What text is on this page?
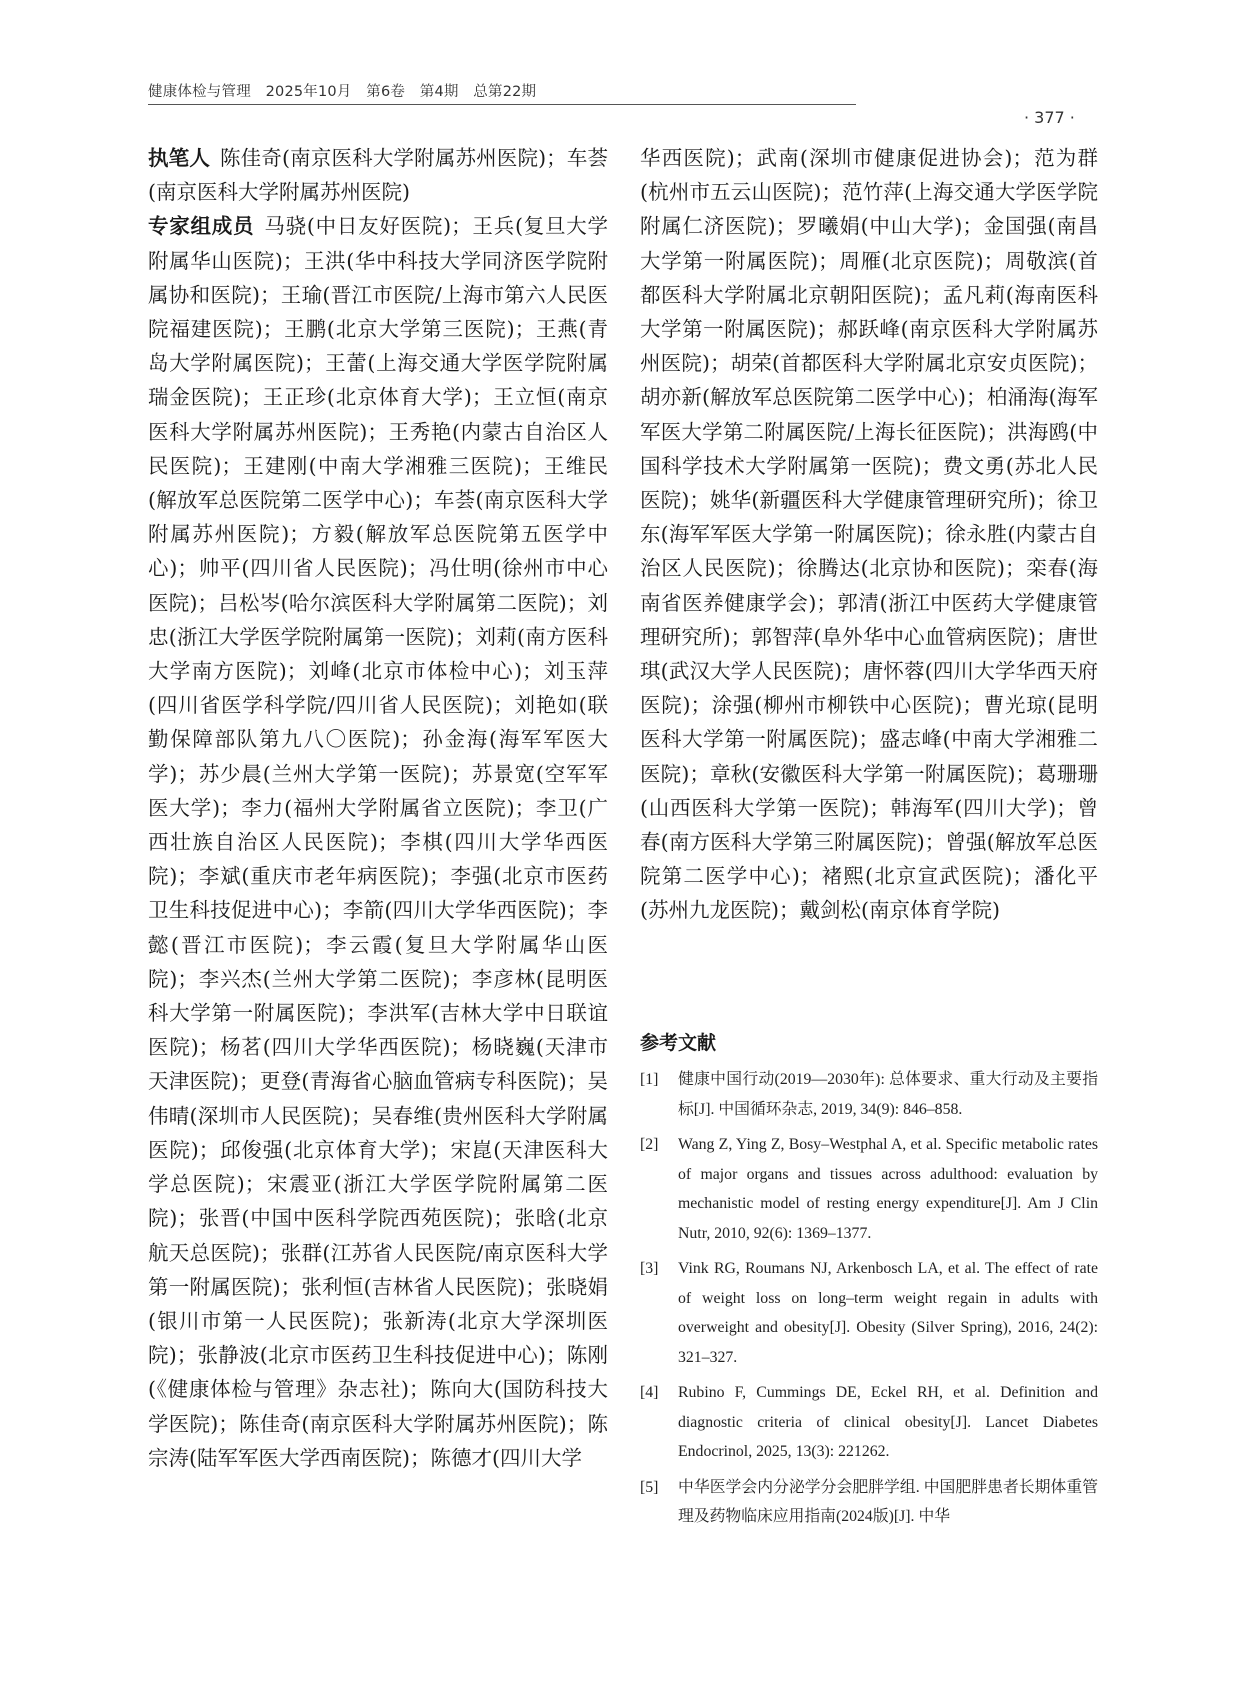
健康体检与管理　2025年10月　第6卷　第4期　总第22期
· 377 ·

执笔人 陈佳奇(南京医科大学附属苏州医院)；车荟(南京医科大学附属苏州医院)

专家组成员 马骁(中日友好医院)；王兵(复旦大学附属华山医院)；王洪(华中科技大学同济医学院附属协和医院)；王瑜(晋江市医院/上海市第六人民医院福建医院)；王鹏(北京大学第三医院)；王燕(青岛大学附属医院)；王蕾(上海交通大学医学院附属瑞金医院)；王正珍(北京体育大学)；王立恒(南京医科大学附属苏州医院)；王秀艳(内蒙古自治区人民医院)；王建刚(中南大学湘雅三医院)；王维民(解放军总医院第二医学中心)；车荟(南京医科大学附属苏州医院)；方毅(解放军总医院第五医学中心)；帅平(四川省人民医院)；冯仕明(徐州市中心医院)；吕松岑(哈尔滨医科大学附属第二医院)；刘忠(浙江大学医学院附属第一医院)；刘莉(南方医科大学南方医院)；刘峰(北京市体检中心)；刘玉萍(四川省医学科学院/四川省人民医院)；刘艳如(联勤保障部队第九八〇医院)；孙金海(海军军医大学)；苏少晨(兰州大学第一医院)；苏景宽(空军军医大学)；李力(福州大学附属省立医院)；李卫(广西壮族自治区人民医院)；李棋(四川大学华西医院)；李斌(重庆市老年病医院)；李强(北京市医药卫生科技促进中心)；李箭(四川大学华西医院)；李懿(晋江市医院)；李云霞(复旦大学附属华山医院)；李兴杰(兰州大学第二医院)；李彦林(昆明医科大学第一附属医院)；李洪军(吉林大学中日联谊医院)；杨茗(四川大学华西医院)；杨晓巍(天津市天津医院)；更登(青海省心脑血管病专科医院)；吴伟晴(深圳市人民医院)；吴春维(贵州医科大学附属医院)；邱俊强(北京体育大学)；宋崑(天津医科大学总医院)；宋震亚(浙江大学医学院附属第二医院)；张晋(中国中医科学院西苑医院)；张晗(北京航天总医院)；张群(江苏省人民医院/南京医科大学第一附属医院)；张利恒(吉林省人民医院)；张晓娟(银川市第一人民医院)；张新涛(北京大学深圳医院)；张静波(北京市医药卫生科技促进中心)；陈刚(《健康体检与管理》杂志社)；陈向大(国防科技大学医院)；陈佳奇(南京医科大学附属苏州医院)；陈宗涛(陆军军医大学西南医院)；陈德才(四川大学

华西医院)；武南(深圳市健康促进协会)；范为群(杭州市五云山医院)；范竹萍(上海交通大学医学院附属仁济医院)；罗曦娟(中山大学)；金国强(南昌大学第一附属医院)；周雁(北京医院)；周敬滨(首都医科大学附属北京朝阳医院)；孟凡莉(海南医科大学第一附属医院)；郝跃峰(南京医科大学附属苏州医院)；胡荣(首都医科大学附属北京安贞医院)；胡亦新(解放军总医院第二医学中心)；柏涌海(海军军医大学第二附属医院/上海长征医院)；洪海鸥(中国科学技术大学附属第一医院)；费文勇(苏北人民医院)；姚华(新疆医科大学健康管理研究所)；徐卫东(海军军医大学第一附属医院)；徐永胜(内蒙古自治区人民医院)；徐腾达(北京协和医院)；栾春(海南省医养健康学会)；郭清(浙江中医药大学健康管理研究所)；郭智萍(阜外华中心血管病医院)；唐世琪(武汉大学人民医院)；唐怀蓉(四川大学华西天府医院)；涂强(柳州市柳铁中心医院)；曹光琼(昆明医科大学第一附属医院)；盛志峰(中南大学湘雅二医院)；章秋(安徽医科大学第一附属医院)；葛珊珊(山西医科大学第一医院)；韩海军(四川大学)；曾春(南方医科大学第三附属医院)；曾强(解放军总医院第二医学中心)；褚熙(北京宣武医院)；潘化平(苏州九龙医院)；戴剑松(南京体育学院)

参考文献
[1] 健康中国行动(2019—2030年): 总体要求、重大行动及主要指标[J]. 中国循环杂志, 2019, 34(9): 846–858.
[2] Wang Z, Ying Z, Bosy–Westphal A, et al. Specific metabolic rates of major organs and tissues across adulthood: evaluation by mechanistic model of resting energy expenditure[J]. Am J Clin Nutr, 2010, 92(6): 1369–1377.
[3] Vink RG, Roumans NJ, Arkenbosch LA, et al. The effect of rate of weight loss on long–term weight regain in adults with overweight and obesity[J]. Obesity (Silver Spring), 2016, 24(2): 321–327.
[4] Rubino F, Cummings DE, Eckel RH, et al. Definition and diagnostic criteria of clinical obesity[J]. Lancet Diabetes Endocrinol, 2025, 13(3): 221262.
[5] 中华医学会内分泌学分会肥胖学组. 中国肥胖患者长期体重管理及药物临床应用指南(2024版)[J]. 中华
